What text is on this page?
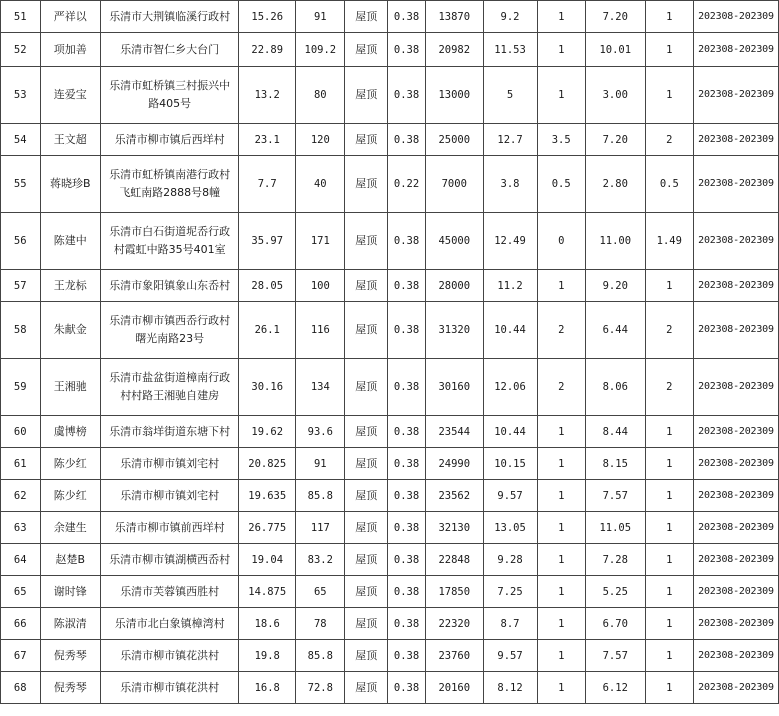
51	严祥以	乐清市大荆镇临溪行政村	15.26	91	屋顶	0.38	13870	9.2	1	7.20	1	202308-202309
52	项加善	乐清市智仁乡大台门	22.89	109.2	屋顶	0.38	20982	11.53	1	10.01	1	202308-202309
53	连爱宝	乐清市虹桥镇三村振兴中路405号	13.2	80	屋顶	0.38	13000	5	1	3.00	1	202308-202309
54	王文超	乐清市柳市镇后西垟村	23.1	120	屋顶	0.38	25000	12.7	3.5	7.20	2	202308-202309
55	蒋晓珍B	乐清市虹桥镇南港行政村飞虹南路2888号8幢	7.7	40	屋顶	0.22	7000	3.8	0.5	2.80	0.5	202308-202309
56	陈建中	乐清市白石街道坭岙行政村霞虹中路35号401室	35.97	171	屋顶	0.38	45000	12.49	0	11.00	1.49	202308-202309
57	王龙标	乐清市象阳镇象山东岙村	28.05	100	屋顶	0.38	28000	11.2	1	9.20	1	202308-202309
58	朱献金	乐清市柳市镇西岙行政村曙光南路23号	26.1	116	屋顶	0.38	31320	10.44	2	6.44	2	202308-202309
59	王湘驰	乐清市盐盆街道樟南行政村村路王湘驰自建房	30.16	134	屋顶	0.38	30160	12.06	2	8.06	2	202308-202309
60	虞博榜	乐清市翁垟街道东塘下村	19.62	93.6	屋顶	0.38	23544	10.44	1	8.44	1	202308-202309
61	陈少红	乐清市柳市镇刘宅村	20.825	91	屋顶	0.38	24990	10.15	1	8.15	1	202308-202309
62	陈少红	乐清市柳市镇刘宅村	19.635	85.8	屋顶	0.38	23562	9.57	1	7.57	1	202308-202309
63	余建生	乐清市柳市镇前西垟村	26.775	117	屋顶	0.38	32130	13.05	1	11.05	1	202308-202309
64	赵楚B	乐清市柳市镇湖横西岙村	19.04	83.2	屋顶	0.38	22848	9.28	1	7.28	1	202308-202309
65	谢时锋	乐清市芙蓉镇西胜村	14.875	65	屋顶	0.38	17850	7.25	1	5.25	1	202308-202309
66	陈淑清	乐清市北白象镇樟湾村	18.6	78	屋顶	0.38	22320	8.7	1	6.70	1	202308-202309
67	倪秀琴	乐清市柳市镇花洪村	19.8	85.8	屋顶	0.38	23760	9.57	1	7.57	1	202308-202309
68	倪秀琴	乐清市柳市镇花洪村	16.8	72.8	屋顶	0.38	20160	8.12	1	6.12	1	202308-202309
